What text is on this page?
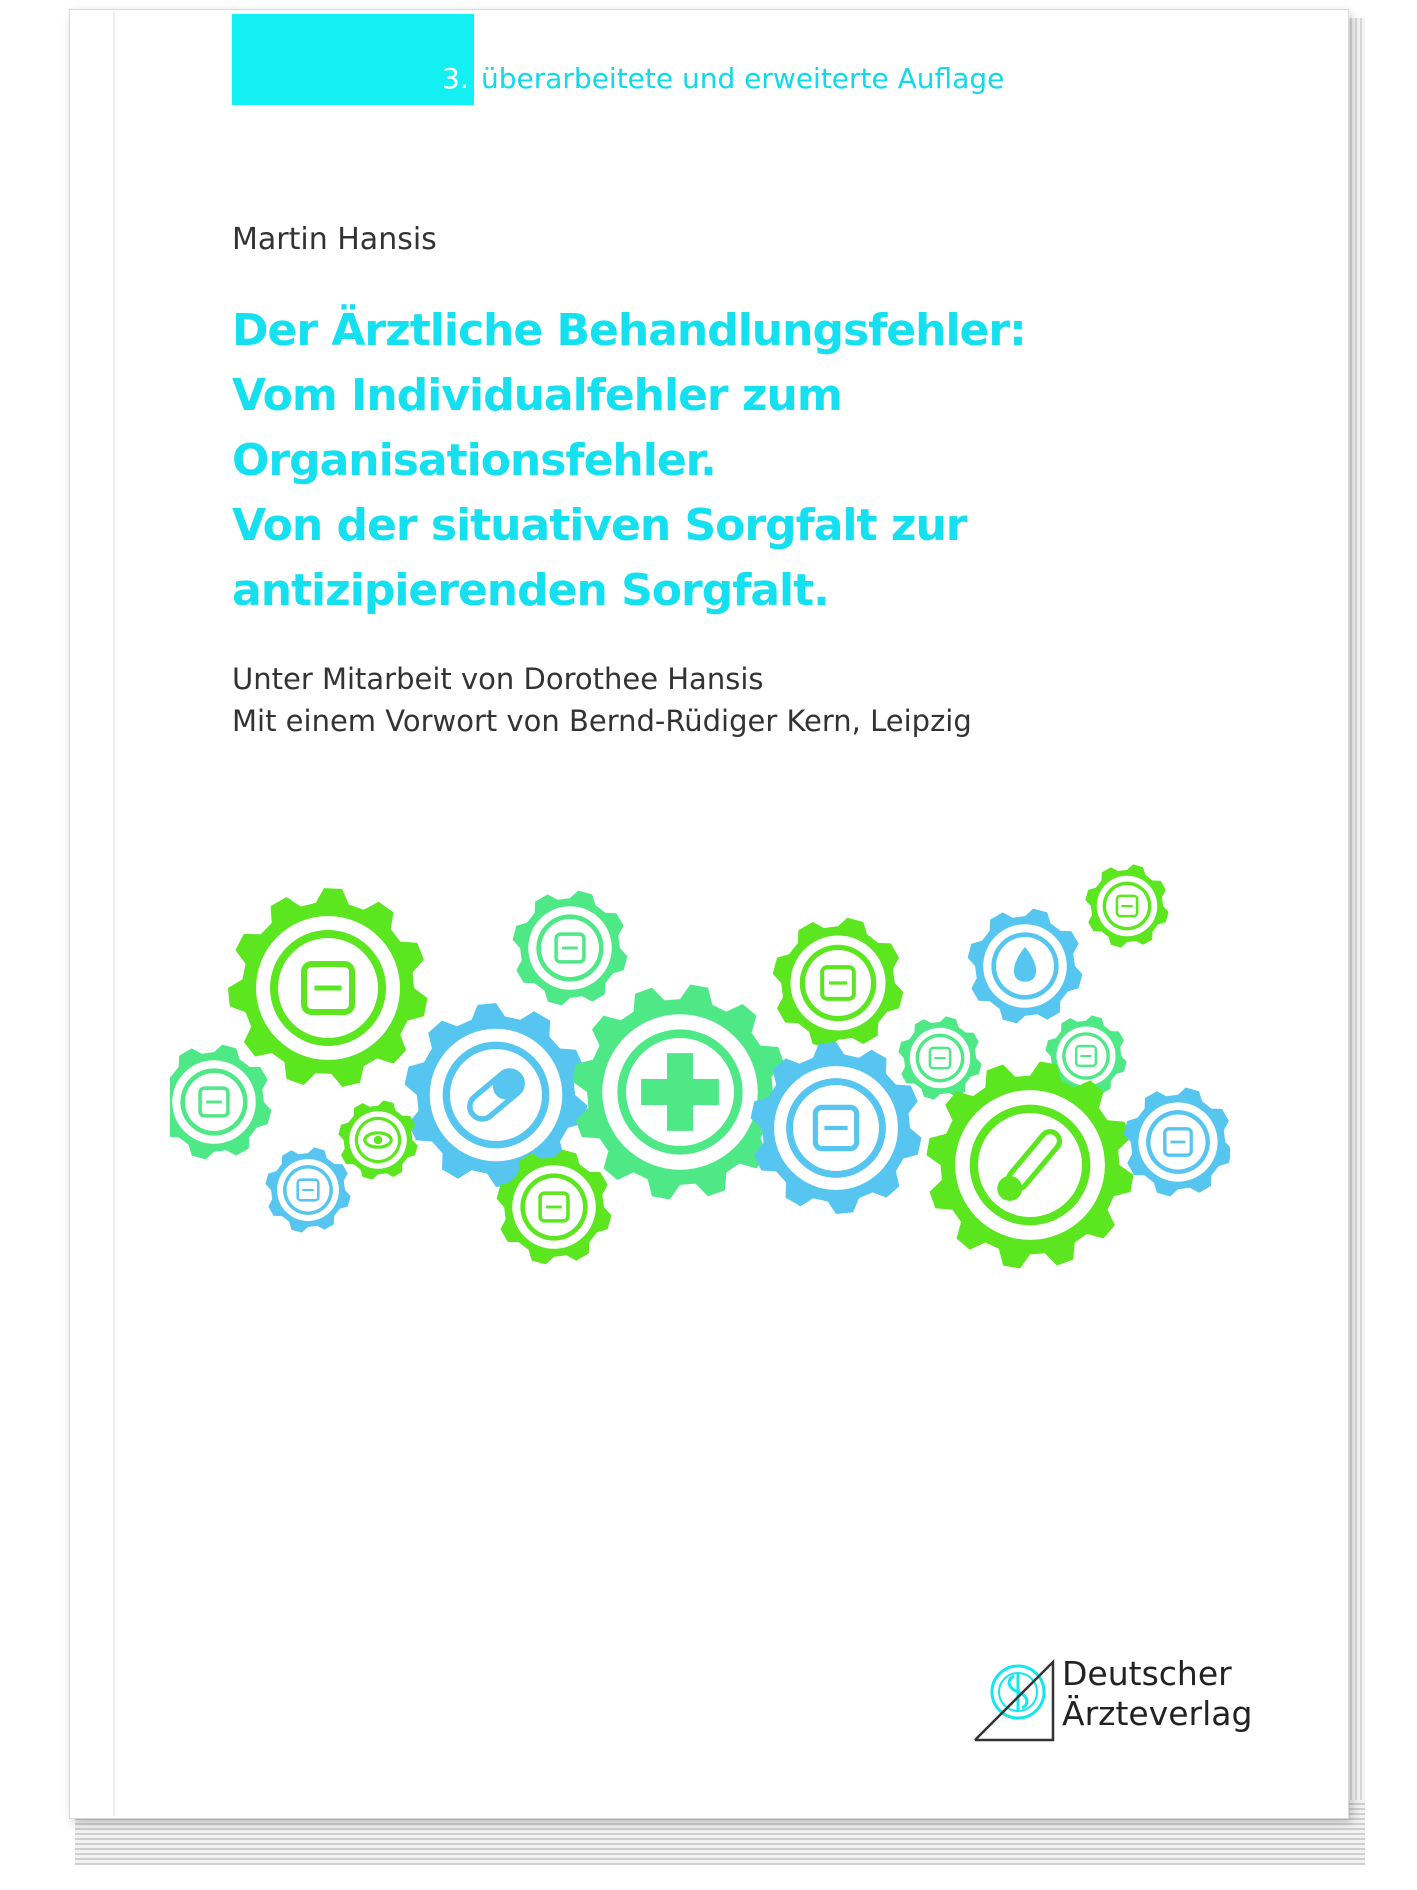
3. überarbeitete und erweiterte Auflage
Martin Hansis
Der Ärztliche Behandlungsfehler:
Vom Individualfehler zum
Organisationsfehler.
Von der situativen Sorgfalt zur
antizipierenden Sorgfalt.
Unter Mitarbeit von Dorothee Hansis
Mit einem Vorwort von Bernd-Rüdiger Kern, Leipzig
Deutscher
Ärzteverlag
